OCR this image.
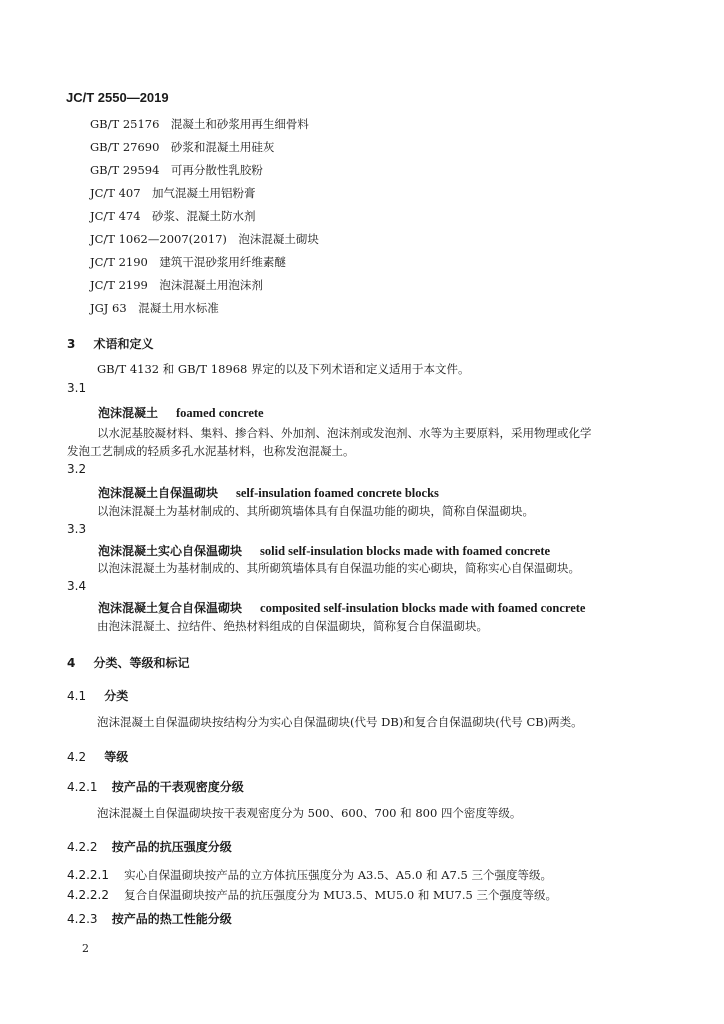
JC/T 2550—2019
GB/T 25176　混凝土和砂浆用再生细骨料
GB/T 27690　砂浆和混凝土用硅灰
GB/T 29594　可再分散性乳胶粉
JC/T 407　加气混凝土用铝粉膏
JC/T 474　砂浆、混凝土防水剂
JC/T 1062—2007(2017)　泡沫混凝土砌块
JC/T 2190　建筑干混砂浆用纤维素醚
JC/T 2199　泡沫混凝土用泡沫剂
JGJ 63　混凝土用水标准
3 术语和定义
GB/T 4132 和 GB/T 18968 界定的以及下列术语和定义适用于本文件。
3.1
泡沫混凝土 foamed concrete
以水泥基胶凝材料、集料、掺合料、外加剂、泡沫剂或发泡剂、水等为主要原料，采用物理或化学
发泡工艺制成的轻质多孔水泥基材料，也称发泡混凝土。
3.2
泡沫混凝土自保温砌块 self-insulation foamed concrete blocks
以泡沫混凝土为基材制成的、其所砌筑墙体具有自保温功能的砌块，简称自保温砌块。
3.3
泡沫混凝土实心自保温砌块 solid self-insulation blocks made with foamed concrete
以泡沫混凝土为基材制成的、其所砌筑墙体具有自保温功能的实心砌块，简称实心自保温砌块。
3.4
泡沫混凝土复合自保温砌块 composited self-insulation blocks made with foamed concrete
由泡沫混凝土、拉结件、绝热材料组成的自保温砌块，简称复合自保温砌块。
4 分类、等级和标记
4.1 分类
泡沫混凝土自保温砌块按结构分为实心自保温砌块(代号 DB)和复合自保温砌块(代号 CB)两类。
4.2 等级
4.2.1 按产品的干表观密度分级
泡沫混凝土自保温砌块按干表观密度分为 500、600、700 和 800 四个密度等级。
4.2.2 按产品的抗压强度分级
4.2.2.1 实心自保温砌块按产品的立方体抗压强度分为 A3.5、A5.0 和 A7.5 三个强度等级。
4.2.2.2 复合自保温砌块按产品的抗压强度分为 MU3.5、MU5.0 和 MU7.5 三个强度等级。
4.2.3 按产品的热工性能分级
2
